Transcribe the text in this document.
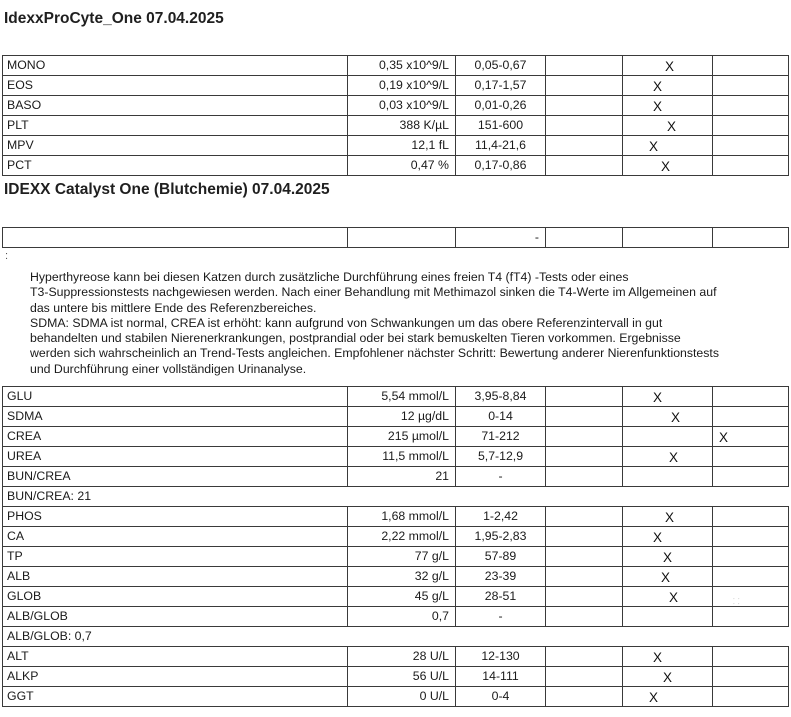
IdexxProCyte_One 07.04.2025
MONO	0,35 x10^9/L	0,05-0,67		X	

EOS	0,19 x10^9/L	0,17-1,57		X	

BASO	0,03 x10^9/L	0,01-0,26		X	

PLT	388 K/µL	151-600		X	

MPV	12,1 fL	11,4-21,6		X	

PCT	0,47 %	0,17-0,86		X	

IDEXX Catalyst One (Blutchemie) 07.04.2025
		-			
:

Hyperthyreose kann bei diesen Katzen durch zusätzliche Durchführung eines freien T4 (fT4) -Tests oder eines

T3-Suppressionstests nachgewiesen werden. Nach einer Behandlung mit Methimazol sinken die T4-Werte im Allgemeinen auf

das untere bis mittlere Ende des Referenzbereiches.

SDMA: SDMA ist normal, CREA ist erhöht: kann aufgrund von Schwankungen um das obere Referenzintervall in gut

behandelten und stabilen Nierenerkrankungen, postprandial oder bei stark bemuskelten Tieren vorkommen. Ergebnisse

werden sich wahrscheinlich an Trend-Tests angleichen. Empfohlener nächster Schritt: Bewertung anderer Nierenfunktionstests

und Durchführung einer vollständigen Urinanalyse.

GLU	5,54 mmol/L	3,95-8,84		X	

SDMA	12 µg/dL	0-14		X	

CREA	215 µmol/L	71-212			X

UREA	11,5 mmol/L	5,7-12,9		X	

BUN/CREA	21	-			
BUN/CREA: 21					
PHOS	1,68 mmol/L	1-2,42		X	

CA	2,22 mmol/L	1,95-2,83		X	

TP	77 g/L	57-89		X	

ALB	32 g/L	23-39		X	

GLOB	45 g/L	28-51		X	

ALB/GLOB	0,7	-			
ALB/GLOB: 0,7					
ALT	28 U/L	12-130		X	

ALKP	56 U/L	14-111		X	

GGT	0 U/L	0-4		X	

⸬
